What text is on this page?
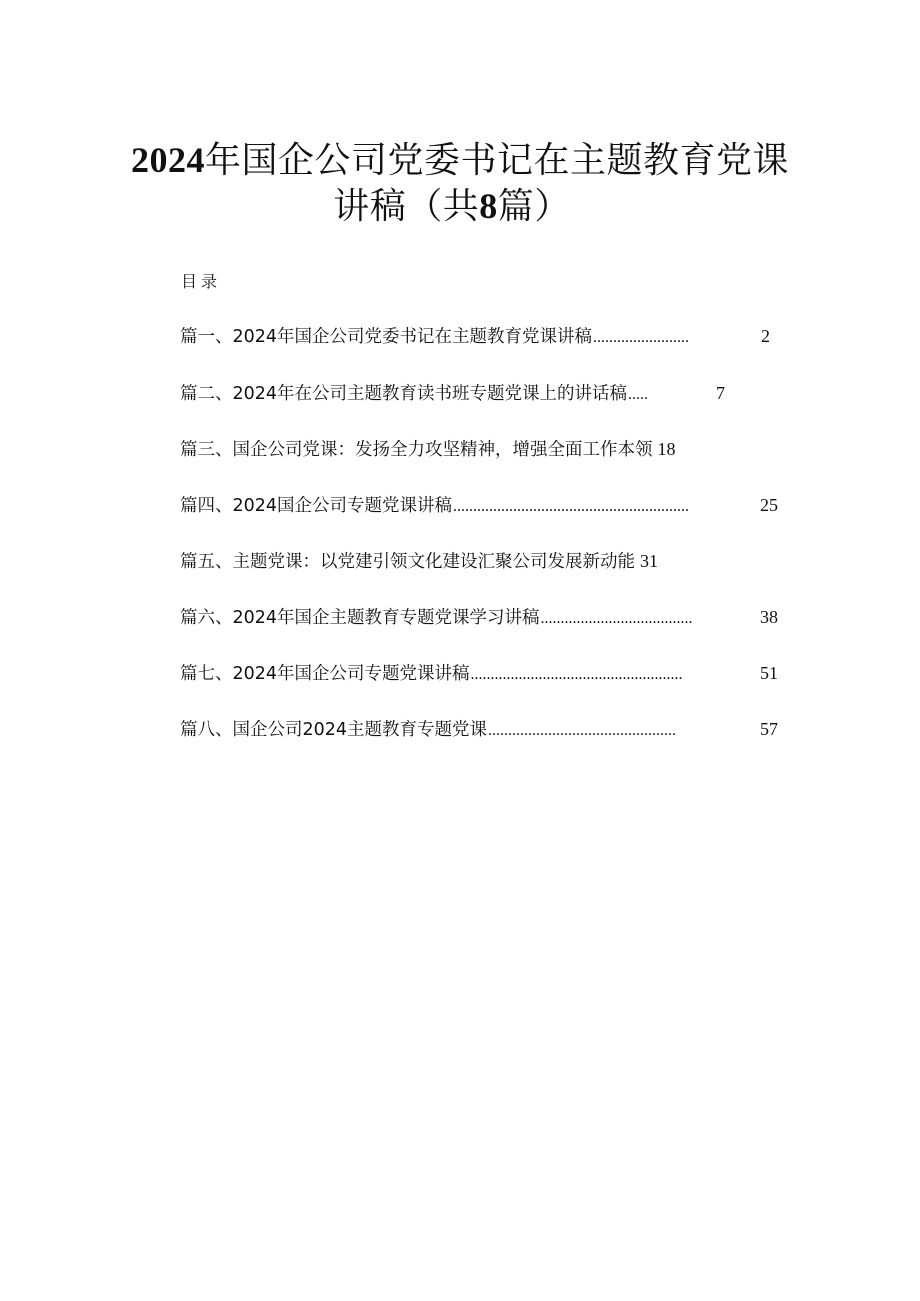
2024年国企公司党委书记在主题教育党课
讲稿（共8篇）
目录
篇一、2024年国企公司党委书记在主题教育党课讲稿 ........................	2
篇二、2024年在公司主题教育读书班专题党课上的讲话稿 .....	7
篇三、国企公司党课：发扬全力攻坚精神，增强全面工作本领 18
篇四、2024国企公司专题党课讲稿 ...........................................................	25
篇五、主题党课：以党建引领文化建设汇聚公司发展新动能 31
篇六、2024年国企主题教育专题党课学习讲稿 ......................................	38
篇七、2024年国企公司专题党课讲稿 .....................................................	51
篇八、国企公司2024主题教育专题党课 ...............................................	57
